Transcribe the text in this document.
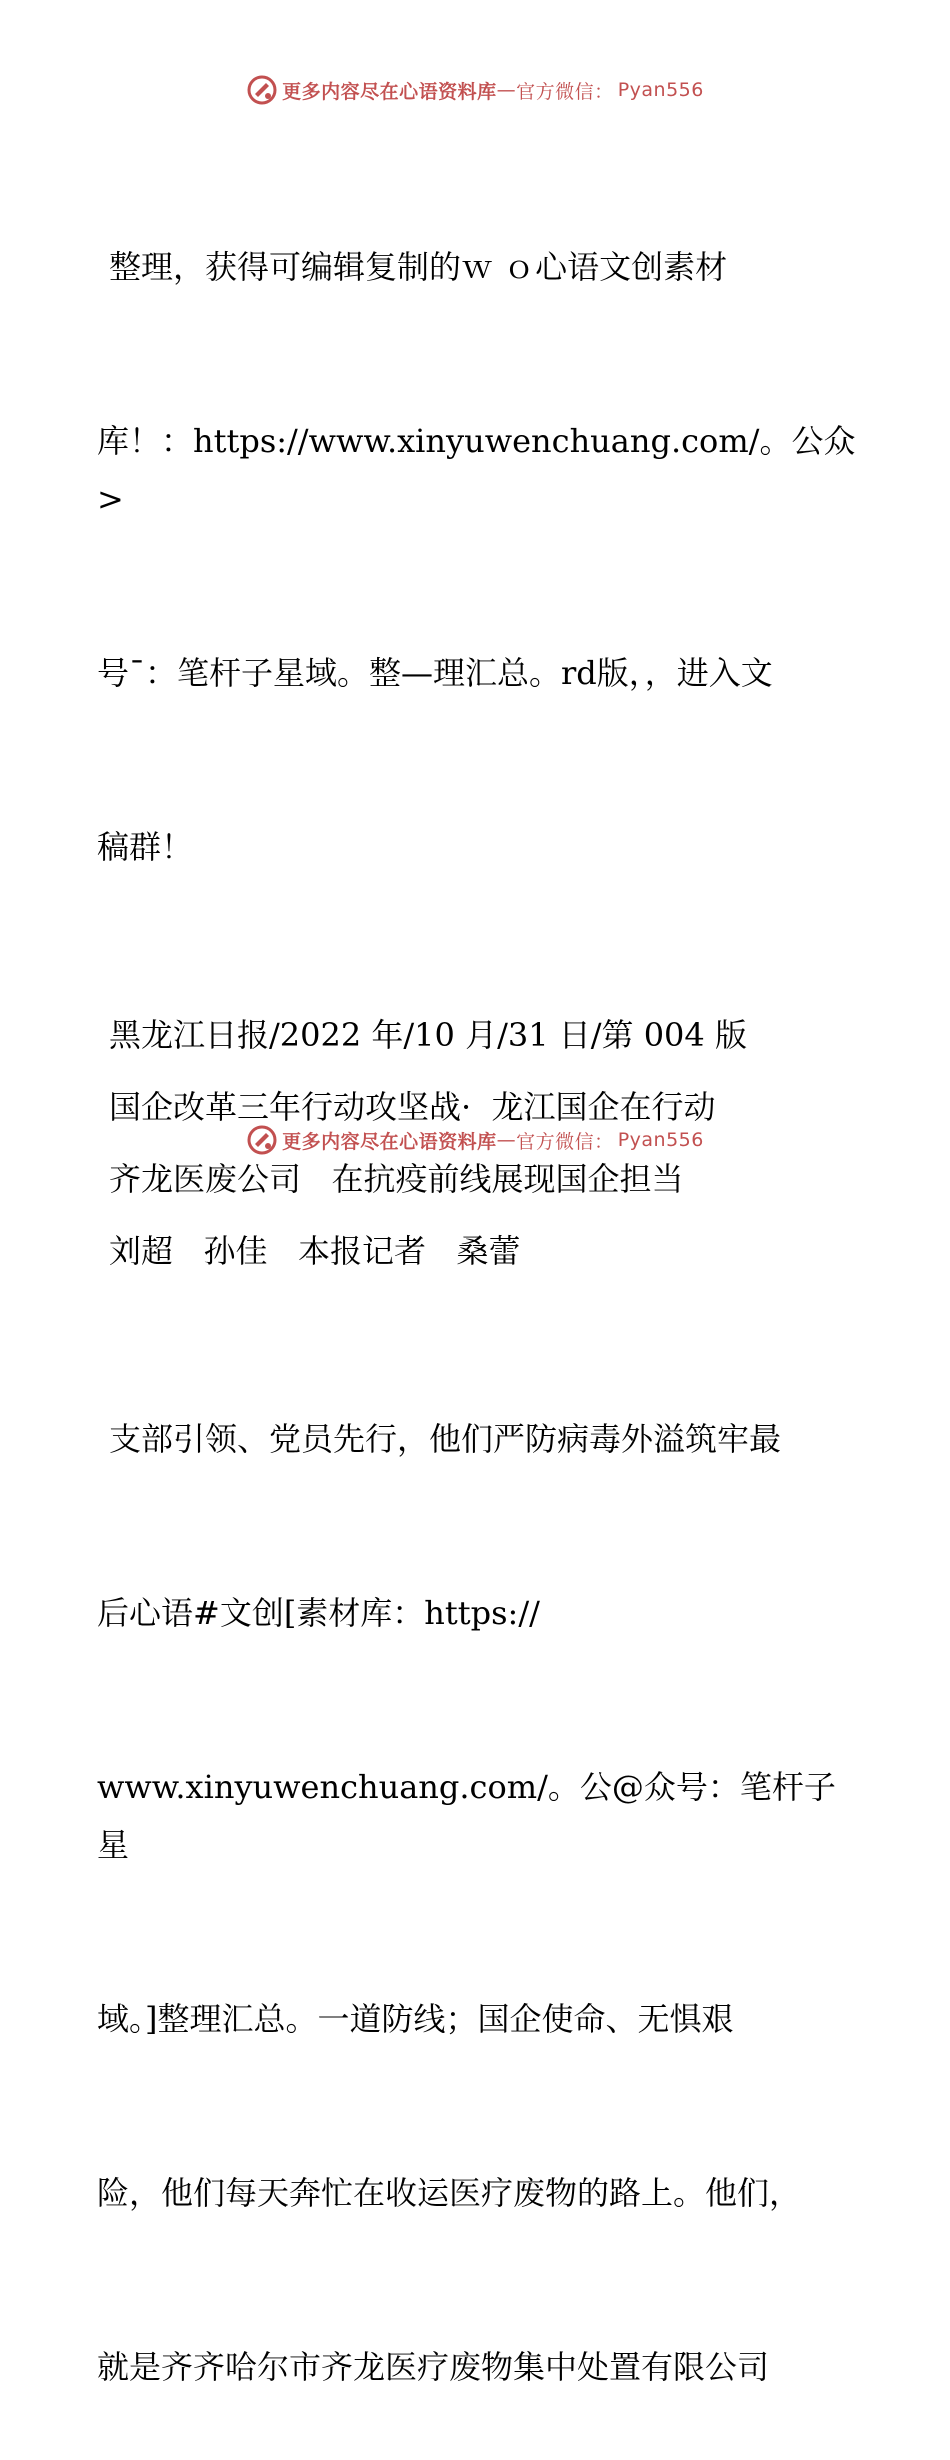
更多内容尽在心语资料库 — 官方微信： Pyan556

整理，获得可编辑复制的ｗ ｏ心语文创素材

库！：https://www.xinyuwenchuang.com/。公众>

号¯：笔杆子星域。整—理汇总。rd版，，进入文

稿群！

黑龙江日报/2022 年/10 月/31 日/第 004 版

国企改革三年行动攻坚战·  龙江国企在行动

齐龙医废公司   在抗疫前线展现国企担当

刘超   孙佳   本报记者   桑蕾

支部引领、党员先行，他们严防病毒外溢筑牢最

后心语#文创[素材库：https://

www.xinyuwenchuang.com/。公@众号：笔杆子星

域。]整理汇总。一道防线；国企使命、无惧艰

险，他们每天奔忙在收运医疗废物的路上。他们，

就是齐齐哈尔市齐龙医疗废物集中处置有限公司

更多内容尽在心语资料库 — 官方微信： Pyan556
